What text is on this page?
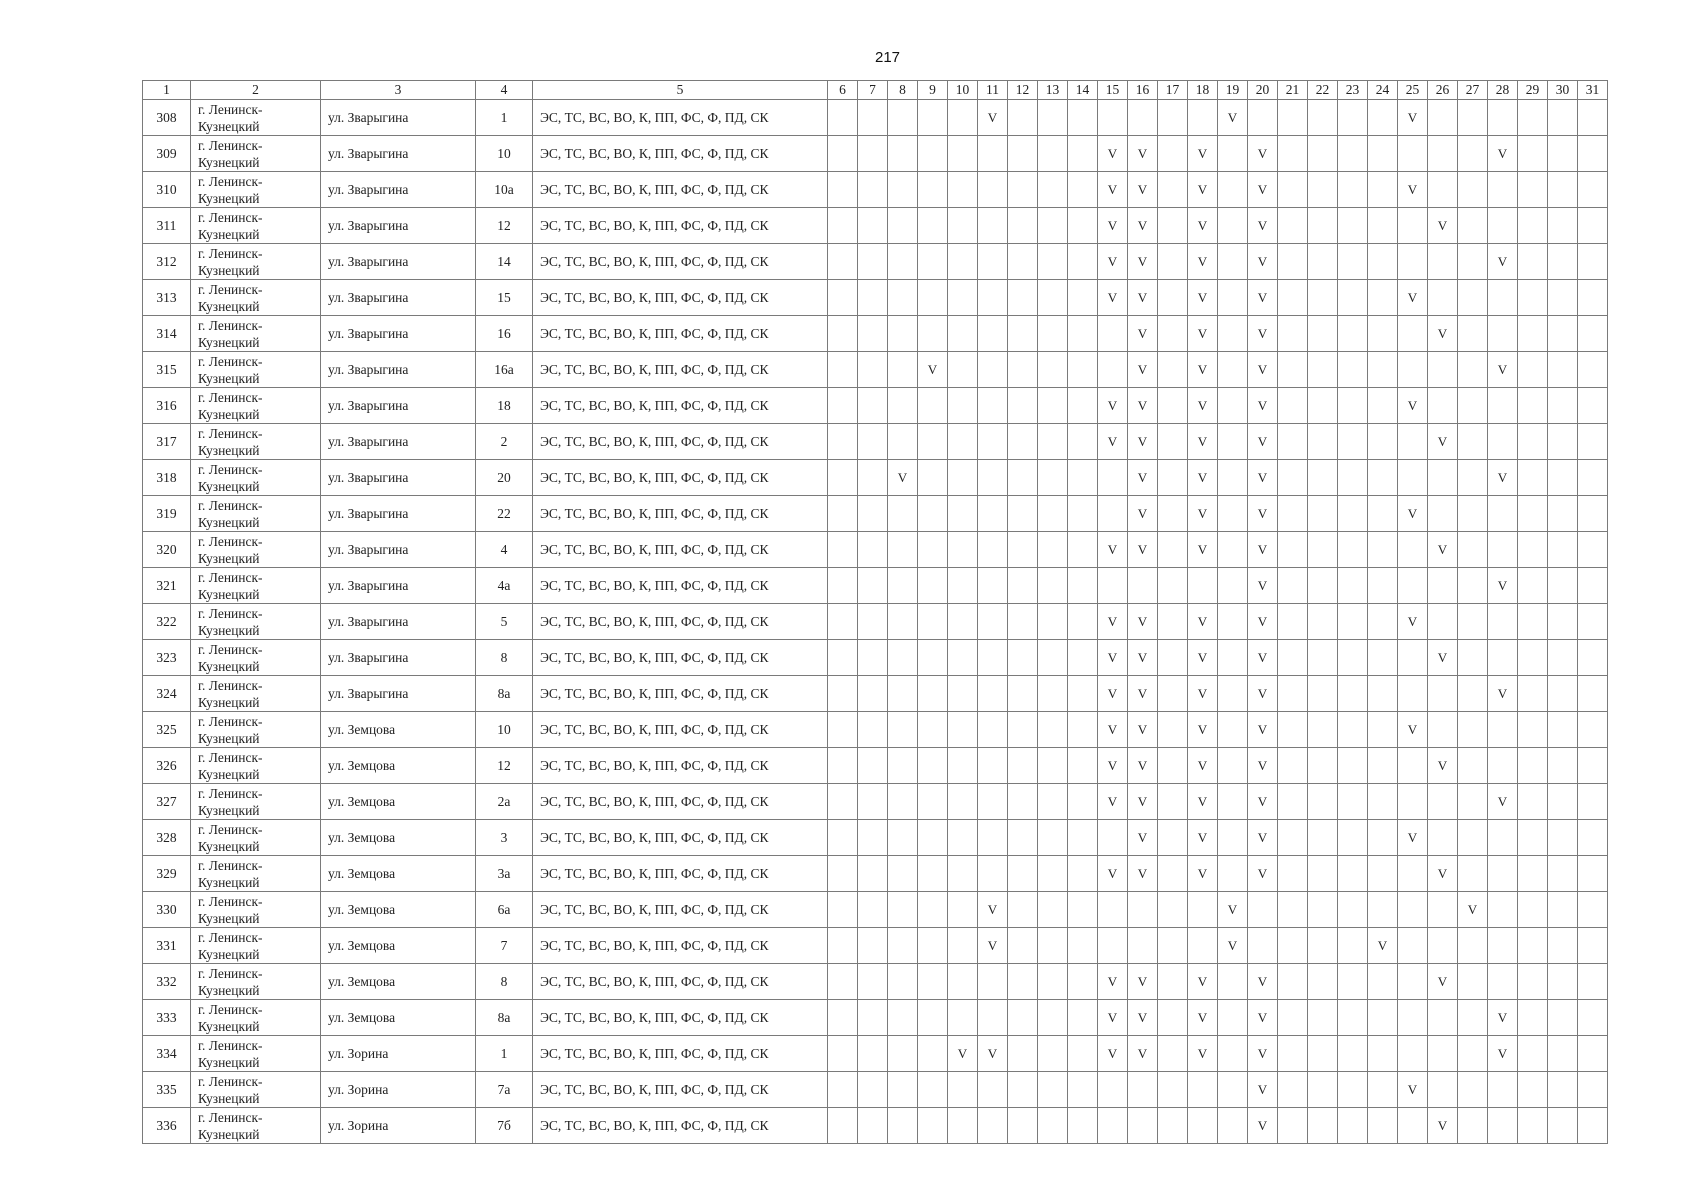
217
1	2	3	4	5	6	7	8	9	10	11	12	13	14	15	16	17	18	19	20	21	22	23	24	25	26	27	28	29	30	31
308	г. Ленинск-Кузнецкий	ул. Зварыгина	1	ЭС, ТС, ВС, ВО, К, ПП, ФС, Ф, ПД, СК						V								V						V						
309	г. Ленинск-Кузнецкий	ул. Зварыгина	10	ЭС, ТС, ВС, ВО, К, ПП, ФС, Ф, ПД, СК										V	V		V		V								V			
310	г. Ленинск-Кузнецкий	ул. Зварыгина	10а	ЭС, ТС, ВС, ВО, К, ПП, ФС, Ф, ПД, СК										V	V		V		V					V						
311	г. Ленинск-Кузнецкий	ул. Зварыгина	12	ЭС, ТС, ВС, ВО, К, ПП, ФС, Ф, ПД, СК										V	V		V		V						V					
312	г. Ленинск-Кузнецкий	ул. Зварыгина	14	ЭС, ТС, ВС, ВО, К, ПП, ФС, Ф, ПД, СК										V	V		V		V								V			
313	г. Ленинск-Кузнецкий	ул. Зварыгина	15	ЭС, ТС, ВС, ВО, К, ПП, ФС, Ф, ПД, СК										V	V		V		V					V						
314	г. Ленинск-Кузнецкий	ул. Зварыгина	16	ЭС, ТС, ВС, ВО, К, ПП, ФС, Ф, ПД, СК											V		V		V						V					
315	г. Ленинск-Кузнецкий	ул. Зварыгина	16а	ЭС, ТС, ВС, ВО, К, ПП, ФС, Ф, ПД, СК				V							V		V		V								V			
316	г. Ленинск-Кузнецкий	ул. Зварыгина	18	ЭС, ТС, ВС, ВО, К, ПП, ФС, Ф, ПД, СК										V	V		V		V					V						
317	г. Ленинск-Кузнецкий	ул. Зварыгина	2	ЭС, ТС, ВС, ВО, К, ПП, ФС, Ф, ПД, СК										V	V		V		V						V					
318	г. Ленинск-Кузнецкий	ул. Зварыгина	20	ЭС, ТС, ВС, ВО, К, ПП, ФС, Ф, ПД, СК			V								V		V		V								V			
319	г. Ленинск-Кузнецкий	ул. Зварыгина	22	ЭС, ТС, ВС, ВО, К, ПП, ФС, Ф, ПД, СК											V		V		V					V						
320	г. Ленинск-Кузнецкий	ул. Зварыгина	4	ЭС, ТС, ВС, ВО, К, ПП, ФС, Ф, ПД, СК										V	V		V		V						V					
321	г. Ленинск-Кузнецкий	ул. Зварыгина	4а	ЭС, ТС, ВС, ВО, К, ПП, ФС, Ф, ПД, СК															V								V			
322	г. Ленинск-Кузнецкий	ул. Зварыгина	5	ЭС, ТС, ВС, ВО, К, ПП, ФС, Ф, ПД, СК										V	V		V		V					V						
323	г. Ленинск-Кузнецкий	ул. Зварыгина	8	ЭС, ТС, ВС, ВО, К, ПП, ФС, Ф, ПД, СК										V	V		V		V						V					
324	г. Ленинск-Кузнецкий	ул. Зварыгина	8а	ЭС, ТС, ВС, ВО, К, ПП, ФС, Ф, ПД, СК										V	V		V		V								V			
325	г. Ленинск-Кузнецкий	ул. Земцова	10	ЭС, ТС, ВС, ВО, К, ПП, ФС, Ф, ПД, СК										V	V		V		V					V						
326	г. Ленинск-Кузнецкий	ул. Земцова	12	ЭС, ТС, ВС, ВО, К, ПП, ФС, Ф, ПД, СК										V	V		V		V						V					
327	г. Ленинск-Кузнецкий	ул. Земцова	2а	ЭС, ТС, ВС, ВО, К, ПП, ФС, Ф, ПД, СК										V	V		V		V								V			
328	г. Ленинск-Кузнецкий	ул. Земцова	3	ЭС, ТС, ВС, ВО, К, ПП, ФС, Ф, ПД, СК											V		V		V					V						
329	г. Ленинск-Кузнецкий	ул. Земцова	3а	ЭС, ТС, ВС, ВО, К, ПП, ФС, Ф, ПД, СК										V	V		V		V						V					
330	г. Ленинск-Кузнецкий	ул. Земцова	6а	ЭС, ТС, ВС, ВО, К, ПП, ФС, Ф, ПД, СК						V								V								V				
331	г. Ленинск-Кузнецкий	ул. Земцова	7	ЭС, ТС, ВС, ВО, К, ПП, ФС, Ф, ПД, СК						V								V					V							
332	г. Ленинск-Кузнецкий	ул. Земцова	8	ЭС, ТС, ВС, ВО, К, ПП, ФС, Ф, ПД, СК										V	V		V		V						V					
333	г. Ленинск-Кузнецкий	ул. Земцова	8а	ЭС, ТС, ВС, ВО, К, ПП, ФС, Ф, ПД, СК										V	V		V		V								V			
334	г. Ленинск-Кузнецкий	ул. Зорина	1	ЭС, ТС, ВС, ВО, К, ПП, ФС, Ф, ПД, СК					V	V				V	V		V		V								V			
335	г. Ленинск-Кузнецкий	ул. Зорина	7а	ЭС, ТС, ВС, ВО, К, ПП, ФС, Ф, ПД, СК															V					V						
336	г. Ленинск-Кузнецкий	ул. Зорина	7б	ЭС, ТС, ВС, ВО, К, ПП, ФС, Ф, ПД, СК															V						V					
